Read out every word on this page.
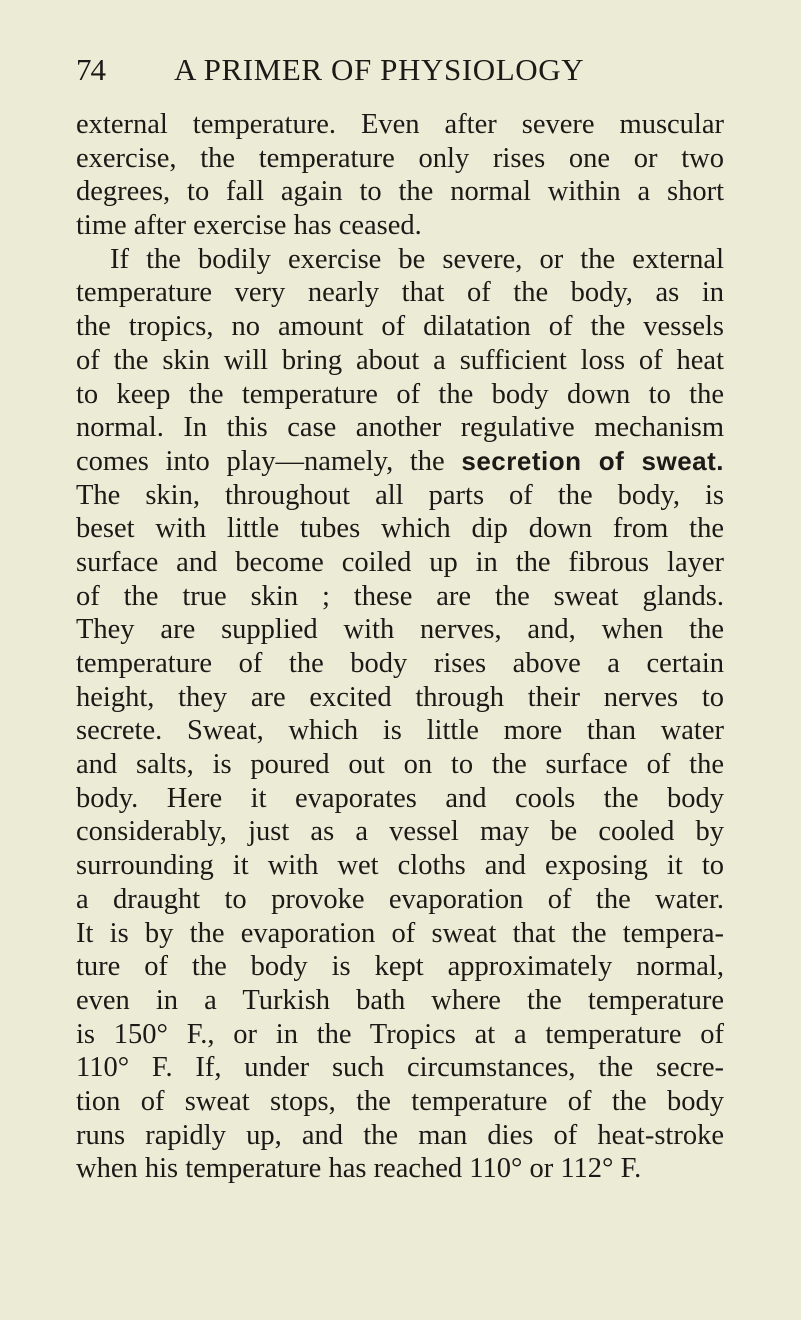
74 A PRIMER OF PHYSIOLOGY
external temperature. Even after severe muscular
exercise, the temperature only rises one or two
degrees, to fall again to the normal within a short
time after exercise has ceased.
If the bodily exercise be severe, or the external
temperature very nearly that of the body, as in
the tropics, no amount of dilatation of the vessels
of the skin will bring about a sufficient loss of heat
to keep the temperature of the body down to the
normal. In this case another regulative mechanism
comes into play—namely, the secretion of sweat.
The skin, throughout all parts of the body, is
beset with little tubes which dip down from the
surface and become coiled up in the fibrous layer
of the true skin ; these are the sweat glands.
They are supplied with nerves, and, when the
temperature of the body rises above a certain
height, they are excited through their nerves to
secrete. Sweat, which is little more than water
and salts, is poured out on to the surface of the
body. Here it evaporates and cools the body
considerably, just as a vessel may be cooled by
surrounding it with wet cloths and exposing it to
a draught to provoke evaporation of the water.
It is by the evaporation of sweat that the tempera-
ture of the body is kept approximately normal,
even in a Turkish bath where the temperature
is 150° F., or in the Tropics at a temperature of
110° F. If, under such circumstances, the secre-
tion of sweat stops, the temperature of the body
runs rapidly up, and the man dies of heat-stroke
when his temperature has reached 110° or 112° F.
